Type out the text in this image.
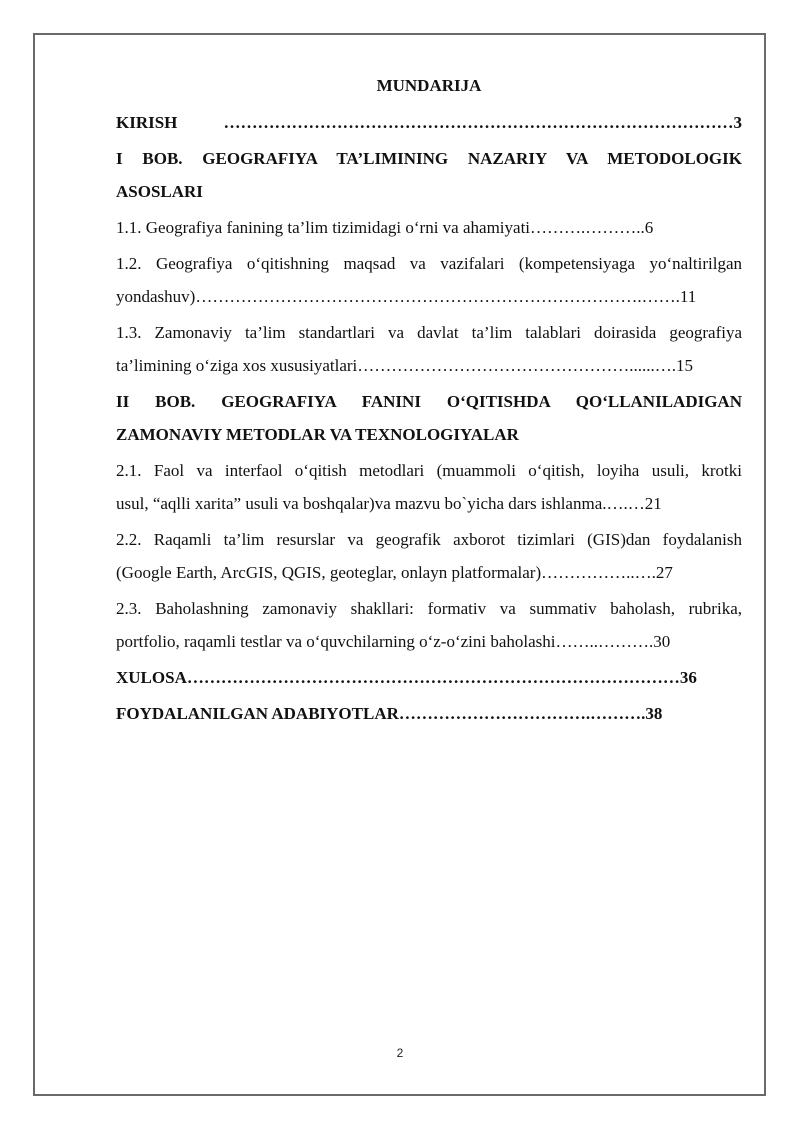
MUNDARIJA
KIRISH ………………………………………………………………………………3
I BOB. GEOGRAFIYA TA’LIMINING NAZARIY VA METODOLOGIK
ASOSLARI
1.1. Geografiya fanining ta’lim tizimidagi o‘rni va ahamiyati……….………..6
1.2. Geografiya o‘qitishning maqsad va vazifalari (kompetensiyaga yo‘naltirilgan
yondashuv)…………………………………………………………………….…….11
1.3. Zamonaviy ta’lim standartlari va davlat ta’lim talablari doirasida geografiya
ta’limining o‘ziga xos xususiyatlari…………………………………………......….15
II BOB. GEOGRAFIYA FANINI O‘QITISHDA QO‘LLANILADIGAN
ZAMONAVIY METODLAR VA TEXNOLOGIYALAR
2.1. Faol va interfaol o‘qitish metodlari (muammoli o‘qitish, loyiha usuli, krotki
usul, “aqlli xarita” usuli va boshqalar)va mazvu bo`yicha dars ishlanma.….…21
2.2. Raqamli ta’lim resurslar va geografik axborot tizimlari (GIS)dan foydalanish
(Google Earth, ArcGIS, QGIS, geoteglar, onlayn platformalar)……………..….27
2.3. Baholashning zamonaviy shakllari: formativ va summativ baholash, rubrika,
portfolio, raqamli testlar va o‘quvchilarning o‘z-o‘zini baholashi……..……….30
XULOSA……………………………………………………………………………36
FOYDALANILGAN ADABIYOTLAR…………………………….……….38
2
